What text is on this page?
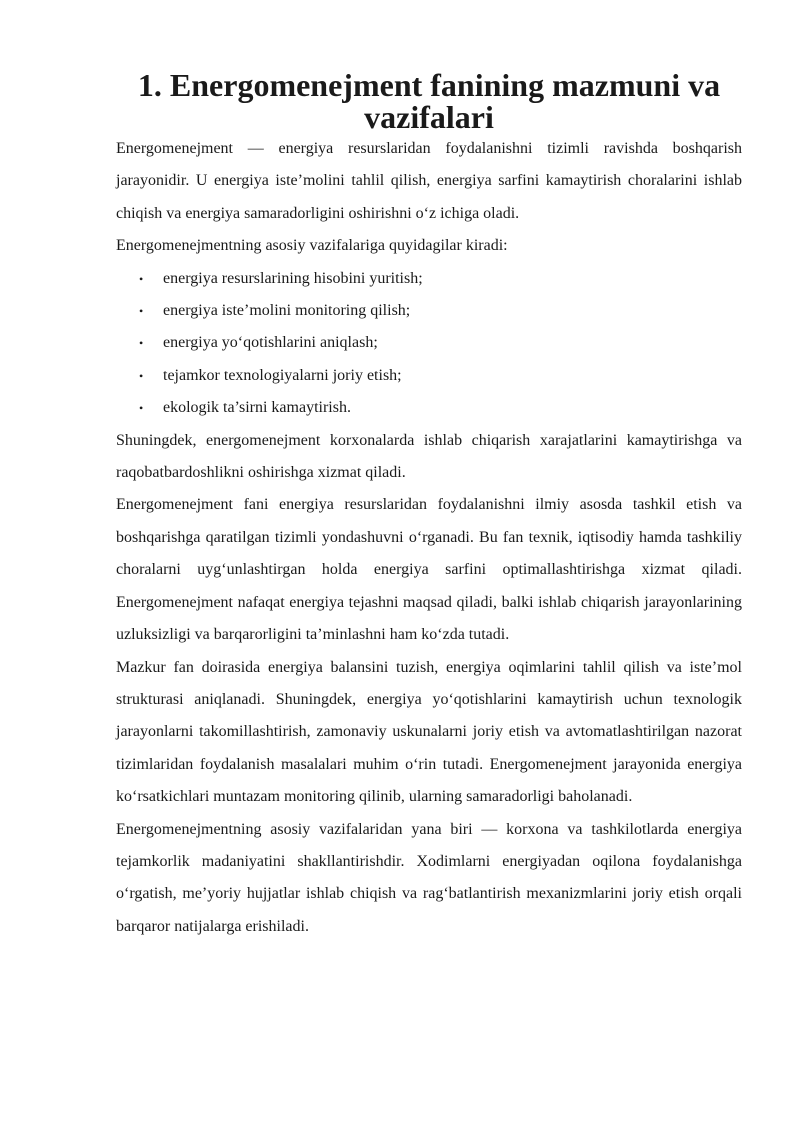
1. Energomenejment fanining mazmuni va vazifalari

Energomenejment — energiya resurslaridan foydalanishni tizimli ravishda boshqarish jarayonidir. U energiya iste’molini tahlil qilish, energiya sarfini kamaytirish choralarini ishlab chiqish va energiya samaradorligini oshirishni o‘z ichiga oladi.

Energomenejmentning asosiy vazifalariga quyidagilar kiradi:

• energiya resurslarining hisobini yuritish;
• energiya iste’molini monitoring qilish;
• energiya yo‘qotishlarini aniqlash;
• tejamkor texnologiyalarni joriy etish;
• ekologik ta’sirni kamaytirish.

Shuningdek, energomenejment korxonalarda ishlab chiqarish xarajatlarini kamaytirishga va raqobatbardoshlikni oshirishga xizmat qiladi.

Energomenejment fani energiya resurslaridan foydalanishni ilmiy asosda tashkil etish va boshqarishga qaratilgan tizimli yondashuvni o‘rganadi. Bu fan texnik, iqtisodiy hamda tashkiliy choralarni uyg‘unlashtirgan holda energiya sarfini optimallashtirishga xizmat qiladi. Energomenejment nafaqat energiya tejashni maqsad qiladi, balki ishlab chiqarish jarayonlarining uzluksizligi va barqarorligini ta’minlashni ham ko‘zda tutadi.

Mazkur fan doirasida energiya balansini tuzish, energiya oqimlarini tahlil qilish va iste’mol strukturasi aniqlanadi. Shuningdek, energiya yo‘qotishlarini kamaytirish uchun texnologik jarayonlarni takomillashtirish, zamonaviy uskunalarni joriy etish va avtomatlashtirilgan nazorat tizimlaridan foydalanish masalalari muhim o‘rin tutadi. Energomenejment jarayonida energiya ko‘rsatkichlari muntazam monitoring qilinib, ularning samaradorligi baholanadi.

Energomenejmentning asosiy vazifalaridan yana biri — korxona va tashkilotlarda energiya tejamkorlik madaniyatini shakllantirishdir. Xodimlarni energiyadan oqilona foydalanishga o‘rgatish, me’yoriy hujjatlar ishlab chiqish va rag‘batlantirish mexanizmlarini joriy etish orqali barqaror natijalarga erishiladi.
